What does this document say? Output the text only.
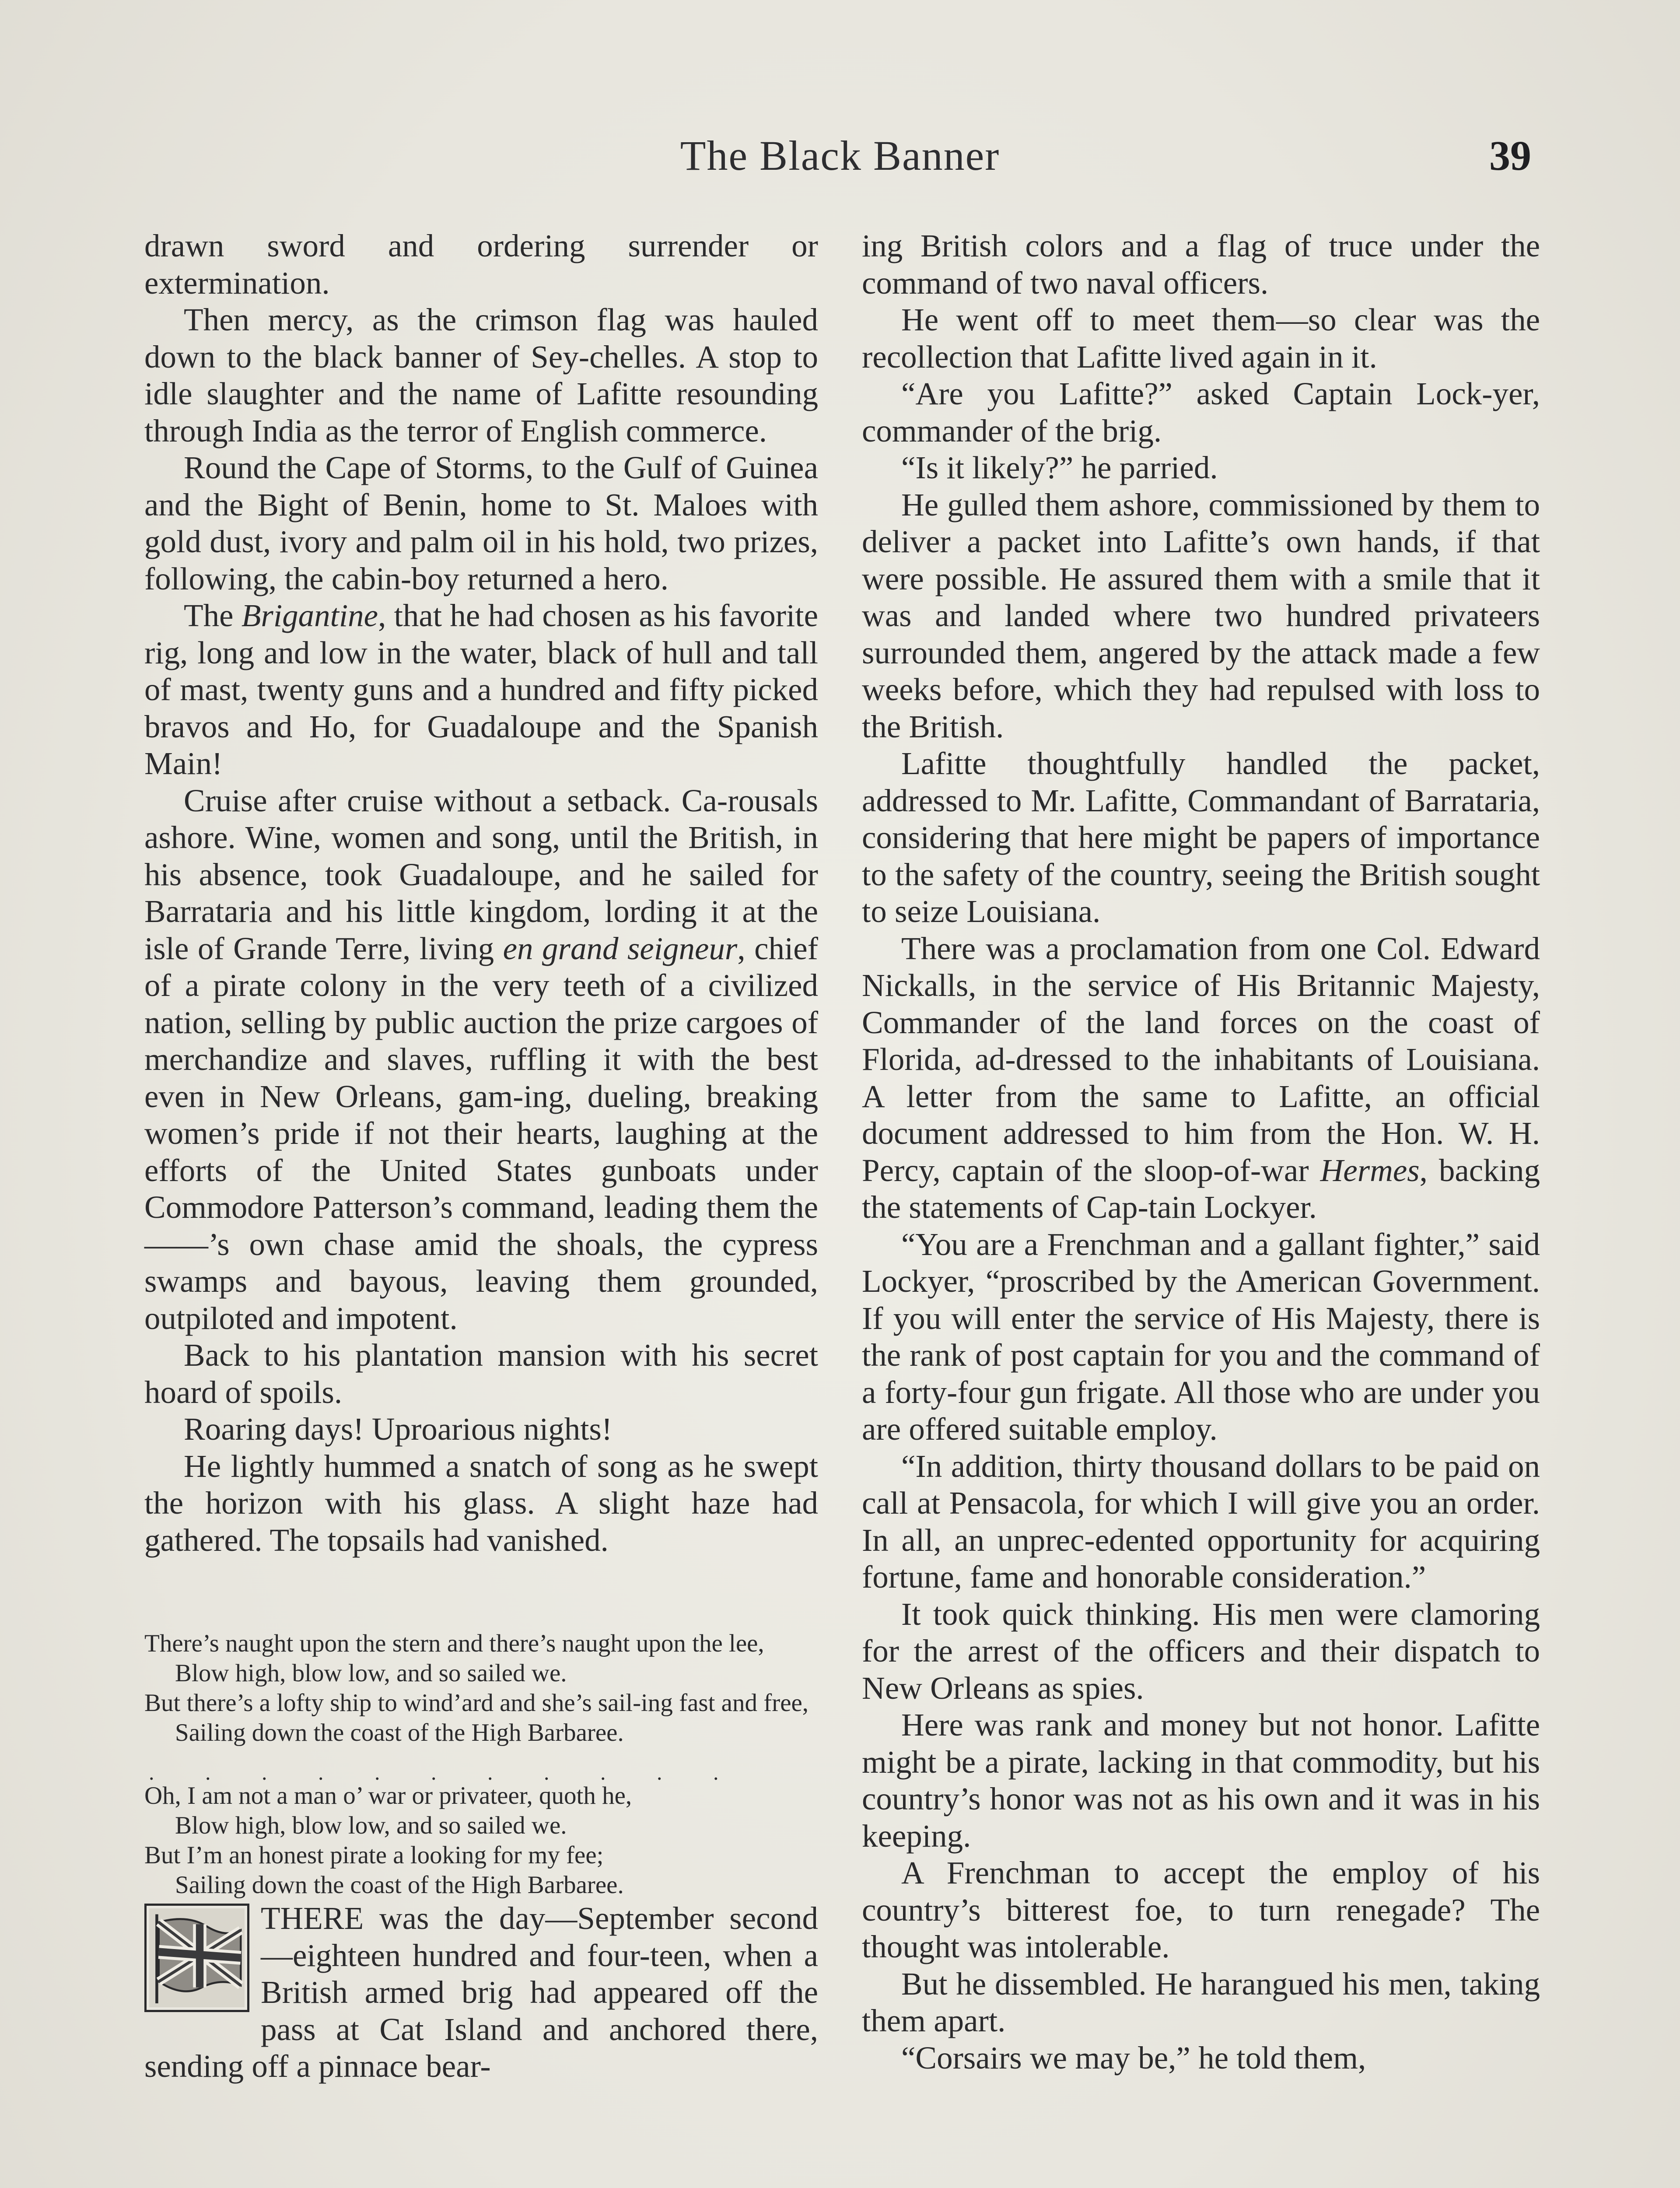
The Black Banner	39

drawn sword and ordering surrender or extermination.

Then mercy, as the crimson flag was hauled down to the black banner of Sey-chelles. A stop to idle slaughter and the name of Lafitte resounding through India as the terror of English commerce.

Round the Cape of Storms, to the Gulf of Guinea and the Bight of Benin, home to St. Maloes with gold dust, ivory and palm oil in his hold, two prizes, following, the cabin-boy returned a hero.

The Brigantine, that he had chosen as his favorite rig, long and low in the water, black of hull and tall of mast, twenty guns and a hundred and fifty picked bravos and Ho, for Guadaloupe and the Spanish Main!

Cruise after cruise without a setback. Ca-rousals ashore. Wine, women and song, until the British, in his absence, took Guadaloupe, and he sailed for Barrataria and his little kingdom, lording it at the isle of Grande Terre, living en grand seigneur, chief of a pirate colony in the very teeth of a civilized nation, selling by public auction the prize cargoes of merchandize and slaves, ruffling it with the best even in New Orleans, gam-ing, dueling, breaking women’s pride if not their hearts, laughing at the efforts of the United States gunboats under Commodore Patterson’s command, leading them the ——’s own chase amid the shoals, the cypress swamps and bayous, leaving them grounded, outpiloted and impotent.

Back to his plantation mansion with his secret hoard of spoils.

Roaring days! Uproarious nights!

He lightly hummed a snatch of song as he swept the horizon with his glass. A slight haze had gathered. The topsails had vanished.

There’s naught upon the stern and there’s naught upon the lee,
Blow high, blow low, and so sailed we.
But there’s a lofty ship to wind’ard and she’s sail-ing fast and free,
Sailing down the coast of the High Barbaree.
. . . . . . . . . . .
Oh, I am not a man o’ war or privateer, quoth he,
Blow high, blow low, and so sailed we.
But I’m an honest pirate a looking for my fee;
Sailing down the coast of the High Barbaree.

THERE was the day—September second—eighteen hundred and four-teen, when a British armed brig had appeared off the pass at Cat Island and anchored there, sending off a pinnace bear-

ing British colors and a flag of truce under the command of two naval officers.

He went off to meet them—so clear was the recollection that Lafitte lived again in it.

“Are you Lafitte?” asked Captain Lock-yer, commander of the brig.

“Is it likely?” he parried.

He gulled them ashore, commissioned by them to deliver a packet into Lafitte’s own hands, if that were possible. He assured them with a smile that it was and landed where two hundred privateers surrounded them, angered by the attack made a few weeks before, which they had repulsed with loss to the British.

Lafitte thoughtfully handled the packet, addressed to Mr. Lafitte, Commandant of Barrataria, considering that here might be papers of importance to the safety of the country, seeing the British sought to seize Louisiana.

There was a proclamation from one Col. Edward Nickalls, in the service of His Britannic Majesty, Commander of the land forces on the coast of Florida, ad-dressed to the inhabitants of Louisiana. A letter from the same to Lafitte, an official document addressed to him from the Hon. W. H. Percy, captain of the sloop-of-war Hermes, backing the statements of Cap-tain Lockyer.

“You are a Frenchman and a gallant fighter,” said Lockyer, “proscribed by the American Government. If you will enter the service of His Majesty, there is the rank of post captain for you and the command of a forty-four gun frigate. All those who are under you are offered suitable employ.

“In addition, thirty thousand dollars to be paid on call at Pensacola, for which I will give you an order. In all, an unprec-edented opportunity for acquiring fortune, fame and honorable consideration.”

It took quick thinking. His men were clamoring for the arrest of the officers and their dispatch to New Orleans as spies.

Here was rank and money but not honor. Lafitte might be a pirate, lacking in that commodity, but his country’s honor was not as his own and it was in his keeping.

A Frenchman to accept the employ of his country’s bitterest foe, to turn renegade? The thought was intolerable.

But he dissembled. He harangued his men, taking them apart.

“Corsairs we may be,” he told them,
